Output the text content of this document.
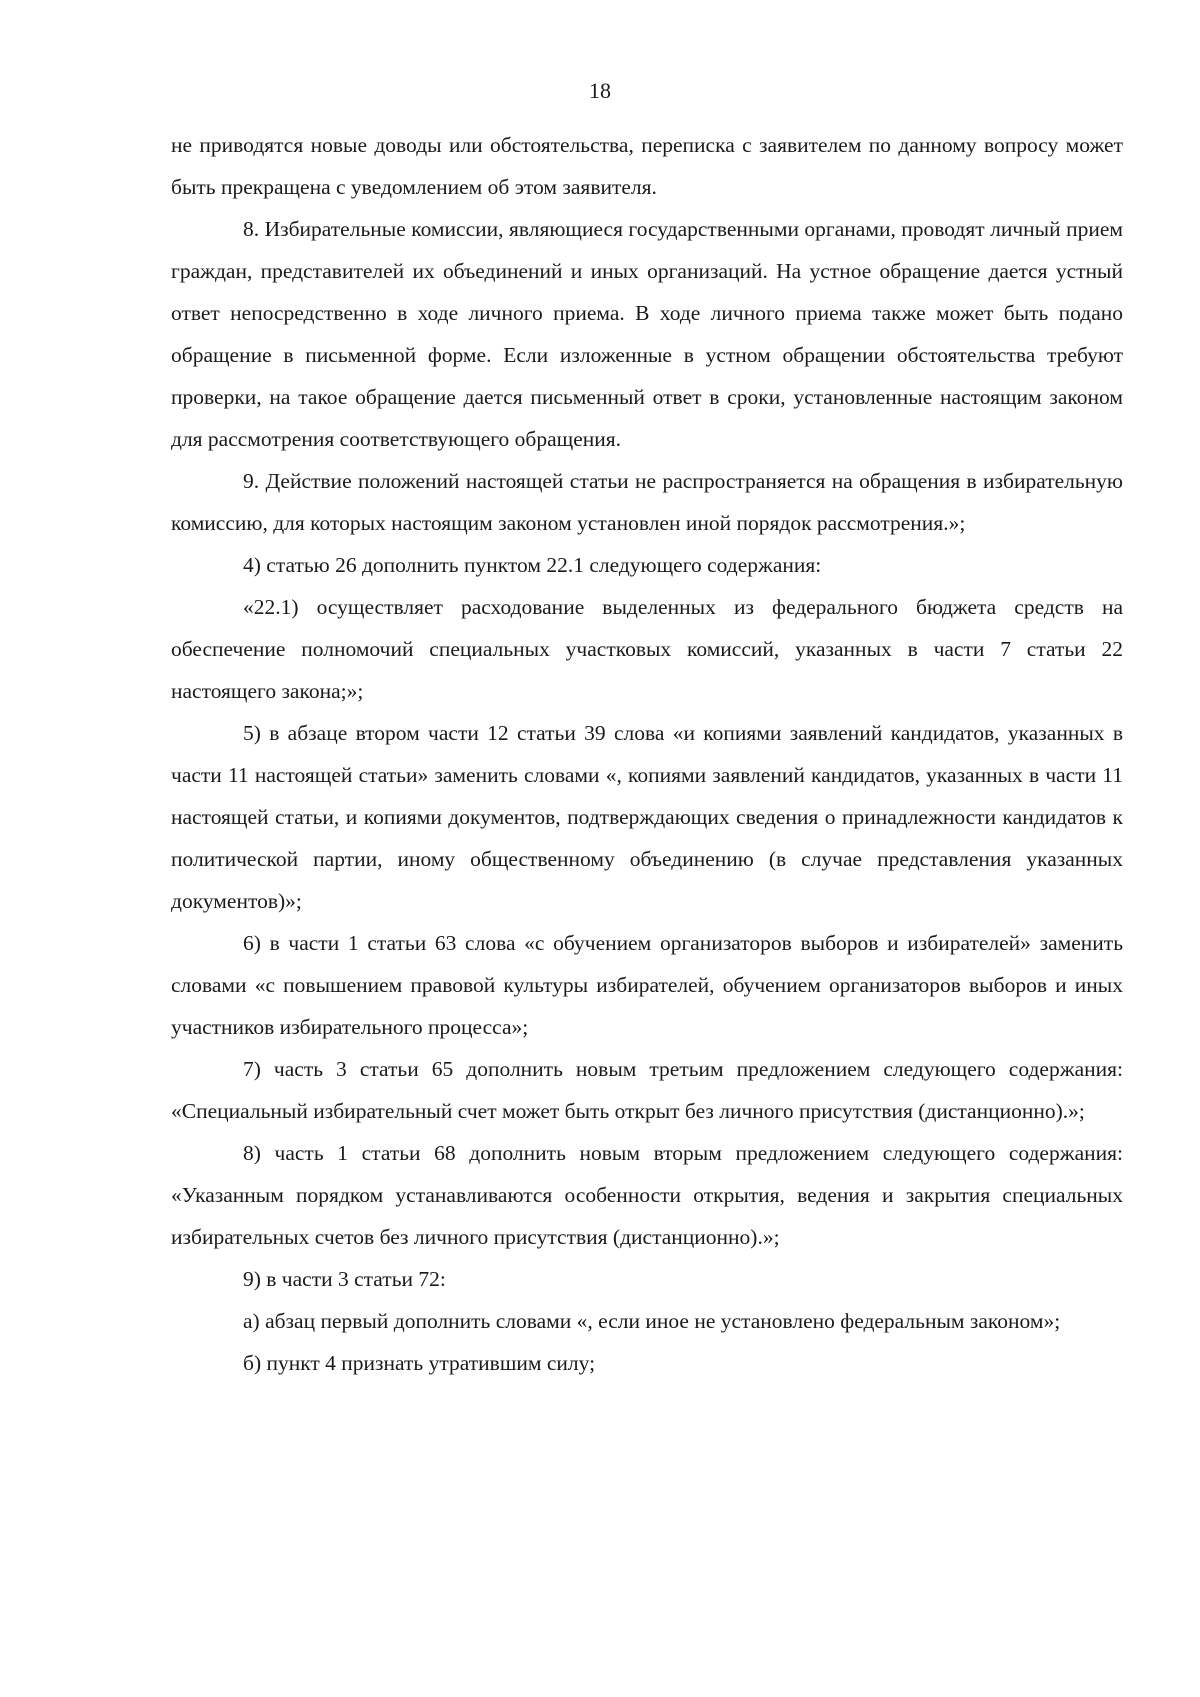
18

не приводятся новые доводы или обстоятельства, переписка с заявителем по данному вопросу может быть прекращена с уведомлением об этом заявителя.

8. Избирательные комиссии, являющиеся государственными органами, проводят личный прием граждан, представителей их объединений и иных организаций. На устное обращение дается устный ответ непосредственно в ходе личного приема. В ходе личного приема также может быть подано обращение в письменной форме. Если изложенные в устном обращении обстоятельства требуют проверки, на такое обращение дается письменный ответ в сроки, установленные настоящим законом для рассмотрения соответствующего обращения.

9. Действие положений настоящей статьи не распространяется на обращения в избирательную комиссию, для которых настоящим законом установлен иной порядок рассмотрения.»;

4) статью 26 дополнить пунктом 22.1 следующего содержания:

«22.1) осуществляет расходование выделенных из федерального бюджета средств на обеспечение полномочий специальных участковых комиссий, указанных в части 7 статьи 22 настоящего закона;»;

5) в абзаце втором части 12 статьи 39 слова «и копиями заявлений кандидатов, указанных в части 11 настоящей статьи» заменить словами «, копиями заявлений кандидатов, указанных в части 11 настоящей статьи, и копиями документов, подтверждающих сведения о принадлежности кандидатов к политической партии, иному общественному объединению (в случае представления указанных документов)»;

6) в части 1 статьи 63 слова «с обучением организаторов выборов и избирателей» заменить словами «с повышением правовой культуры избирателей, обучением организаторов выборов и иных участников избирательного процесса»;

7) часть 3 статьи 65 дополнить новым третьим предложением следующего содержания: «Специальный избирательный счет может быть открыт без личного присутствия (дистанционно).»;

8) часть 1 статьи 68 дополнить новым вторым предложением следующего содержания: «Указанным порядком устанавливаются особенности открытия, ведения и закрытия специальных избирательных счетов без личного присутствия (дистанционно).»;

9) в части 3 статьи 72:

а) абзац первый дополнить словами «, если иное не установлено федеральным законом»;

б) пункт 4 признать утратившим силу;
